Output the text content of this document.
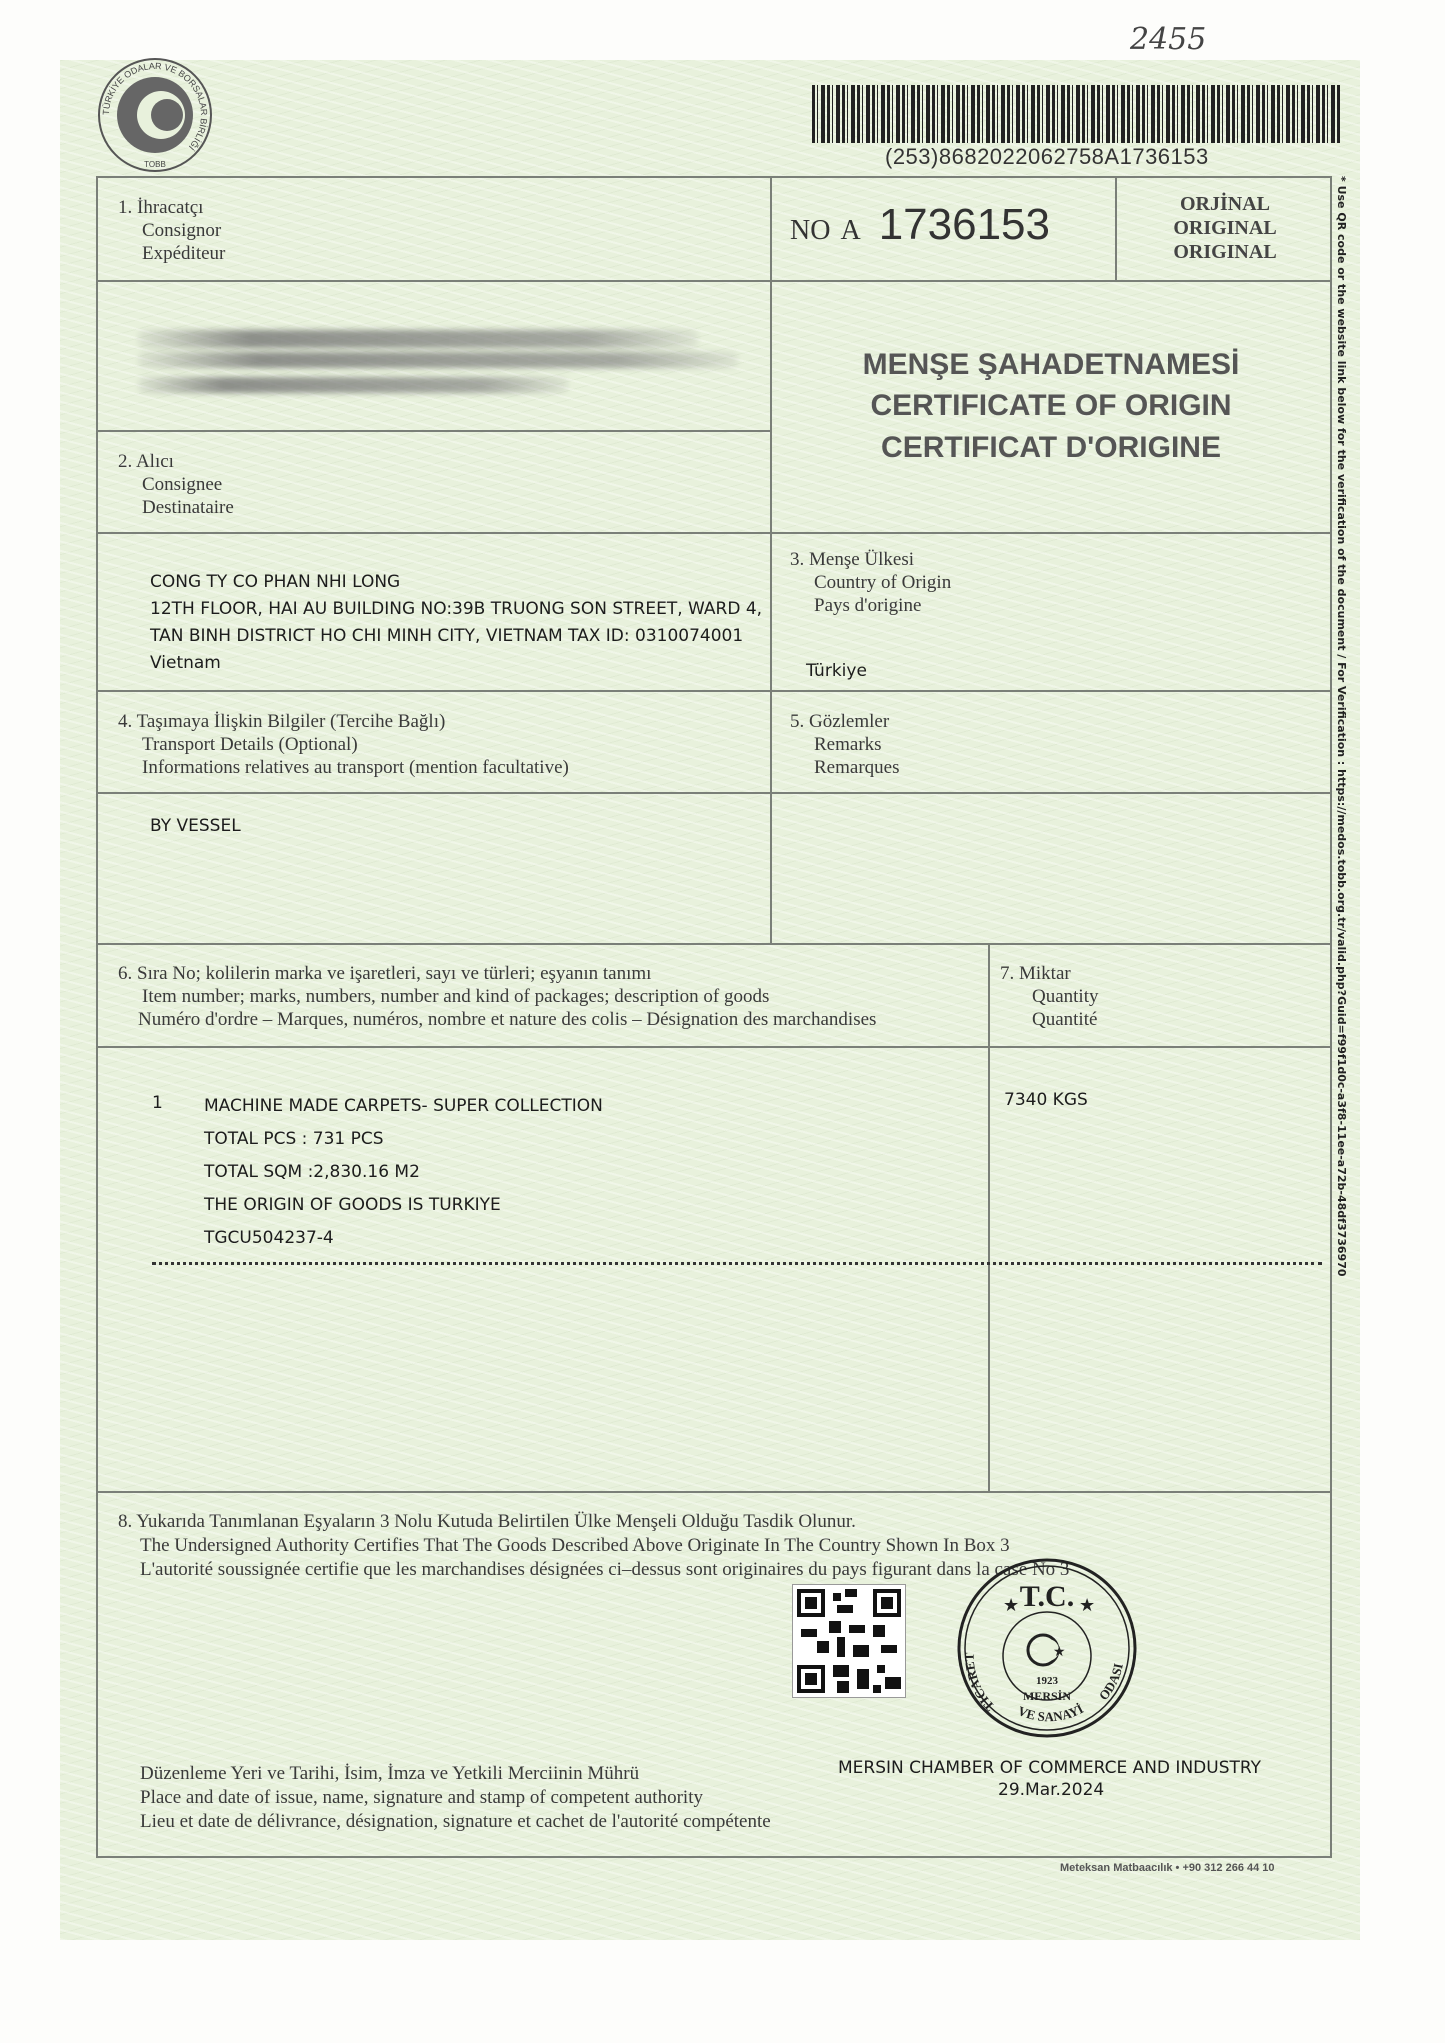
2455
TÜRKİYE ODALAR VE BORSALAR BİRLİĞİ
TOBB	(253)8682022062758A1736153
* Use QR code or the website link below for the verification of the document / For Verification : https://medos.tobb.org.tr/valid.php?Guid=f99f1d0c-a3f8-11ee-a72b-48df3736970
1. İhracatçı
Consignor
Expéditeur
NO A 1736153	ORJİNAL
ORIGINAL
ORIGINAL
MENŞE ŞAHADETNAMESİ
CERTIFICATE OF ORIGIN
CERTIFICAT D'ORIGINE
2. Alıcı
Consignee
Destinataire
CONG TY CO PHAN NHI LONG
12TH FLOOR, HAI AU BUILDING NO:39B TRUONG SON STREET, WARD 4,
TAN BINH DISTRICT HO CHI MINH CITY, VIETNAM TAX ID: 0310074001
Vietnam
3. Menşe Ülkesi
Country of Origin
Pays d'origine
Türkiye
4. Taşımaya İlişkin Bilgiler (Tercihe Bağlı)
Transport Details (Optional)
Informations relatives au transport (mention facultative)
BY VESSEL
5. Gözlemler
Remarks
Remarques
6. Sıra No; kolilerin marka ve işaretleri, sayı ve türleri; eşyanın tanımı
Item number; marks, numbers, number and kind of packages; description of goods
Numéro d'ordre – Marques, numéros, nombre et nature des colis – Désignation des marchandises
1 MACHINE MADE CARPETS- SUPER COLLECTION
TOTAL PCS : 731 PCS
TOTAL SQM :2,830.16 M2
THE ORIGIN OF GOODS IS TURKIYE
TGCU504237-4
7. Miktar
Quantity
Quantité
7340 KGS
8. Yukarıda Tanımlanan Eşyaların 3 Nolu Kutuda Belirtilen Ülke Menşeli Olduğu Tasdik Olunur.
The Undersigned Authority Certifies That The Goods Described Above Originate In The Country Shown In Box 3
L'autorité soussignée certifie que les marchandises désignées ci–dessus sont originaires du pays figurant dans la case No 3
T.C.
★	★
★
1923
MERSİN
TİCARET
VE SANAYİ
ODASI
Düzenleme Yeri ve Tarihi, İsim, İmza ve Yetkili Merciinin Mührü
Place and date of issue, name, signature and stamp of competent authority
Lieu et date de délivrance, désignation, signature et cachet de l'autorité compétente
MERSIN CHAMBER OF COMMERCE AND INDUSTRY
29.Mar.2024
Meteksan Matbaacılık • +90 312 266 44 10
